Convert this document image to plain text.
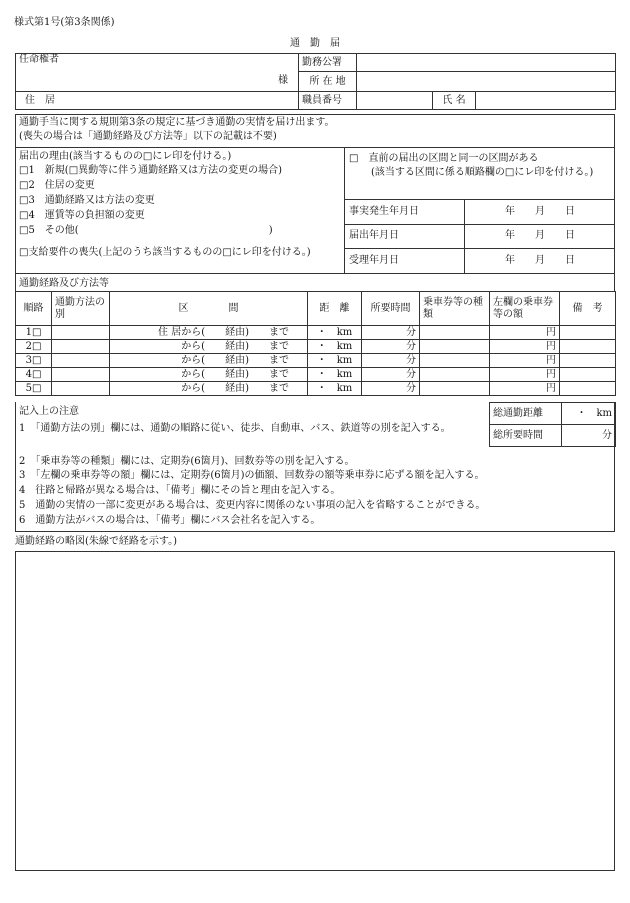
様式第1号(第3条関係)
通　勤　届
任命権者
様	勤務公署			
	所 在 地			
住　居	職員番号		氏 名	
通勤手当に関する規則第3条の規定に基づき通勤の実情を届け出ます。
(喪失の場合は「通勤経路及び方法等」以下の記載は不要)
届出の理由(該当するものの□にレ印を付ける。)
□1　新規(□異動等に伴う通勤経路又は方法の変更の場合)
□2　住居の変更
□3　通勤経路又は方法の変更
□4　運賃等の負担額の変更
□5　その他(　　　　　　　　　　　　　　　　　　　)
□支給要件の喪失(上記のうち該当するものの□にレ印を付ける。)
□　直前の届出の区間と同一の区間がある
(該当する区間に係る順路欄の□にレ印を付ける。)
事実発生年月日	年　　月　　日
届出年月日	年　　月　　日
受理年月日	年　　月　　日
通勤経路及び方法等
順路	通勤方法の別	区　　　　間	距　離	所要時間	乗車券等の種類	左欄の乗車券等の額	備　考
1□		住 居から(　　経由)　　まで	・　km	分		円	
2□		から(　　経由)　　まで	・　km	分		円	
3□		から(　　経由)　　まで	・　km	分		円	
4□		から(　　経由)　　まで	・　km	分		円	
5□		から(　　経由)　　まで	・　km	分		円	
記入上の注意
1　「通勤方法の別」欄には、通勤の順路に従い、徒歩、自動車、バス、鉄道等の別を記入する。
2　「乗車券等の種類」欄には、定期券(6箇月)、回数券等の別を記入する。
3　「左欄の乗車券等の額」欄には、定期券(6箇月)の価額、回数券の額等乗車券に応ずる額を記入する。
4　往路と帰路が異なる場合は、「備考」欄にその旨と理由を記入する。
5　通勤の実情の一部に変更がある場合は、変更内容に関係のない事項の記入を省略することができる。
6　通勤方法がバスの場合は、「備考」欄にバス会社名を記入する。
総通勤距離	・　km
総所要時間	分
通勤経路の略図(朱線で経路を示す。)
